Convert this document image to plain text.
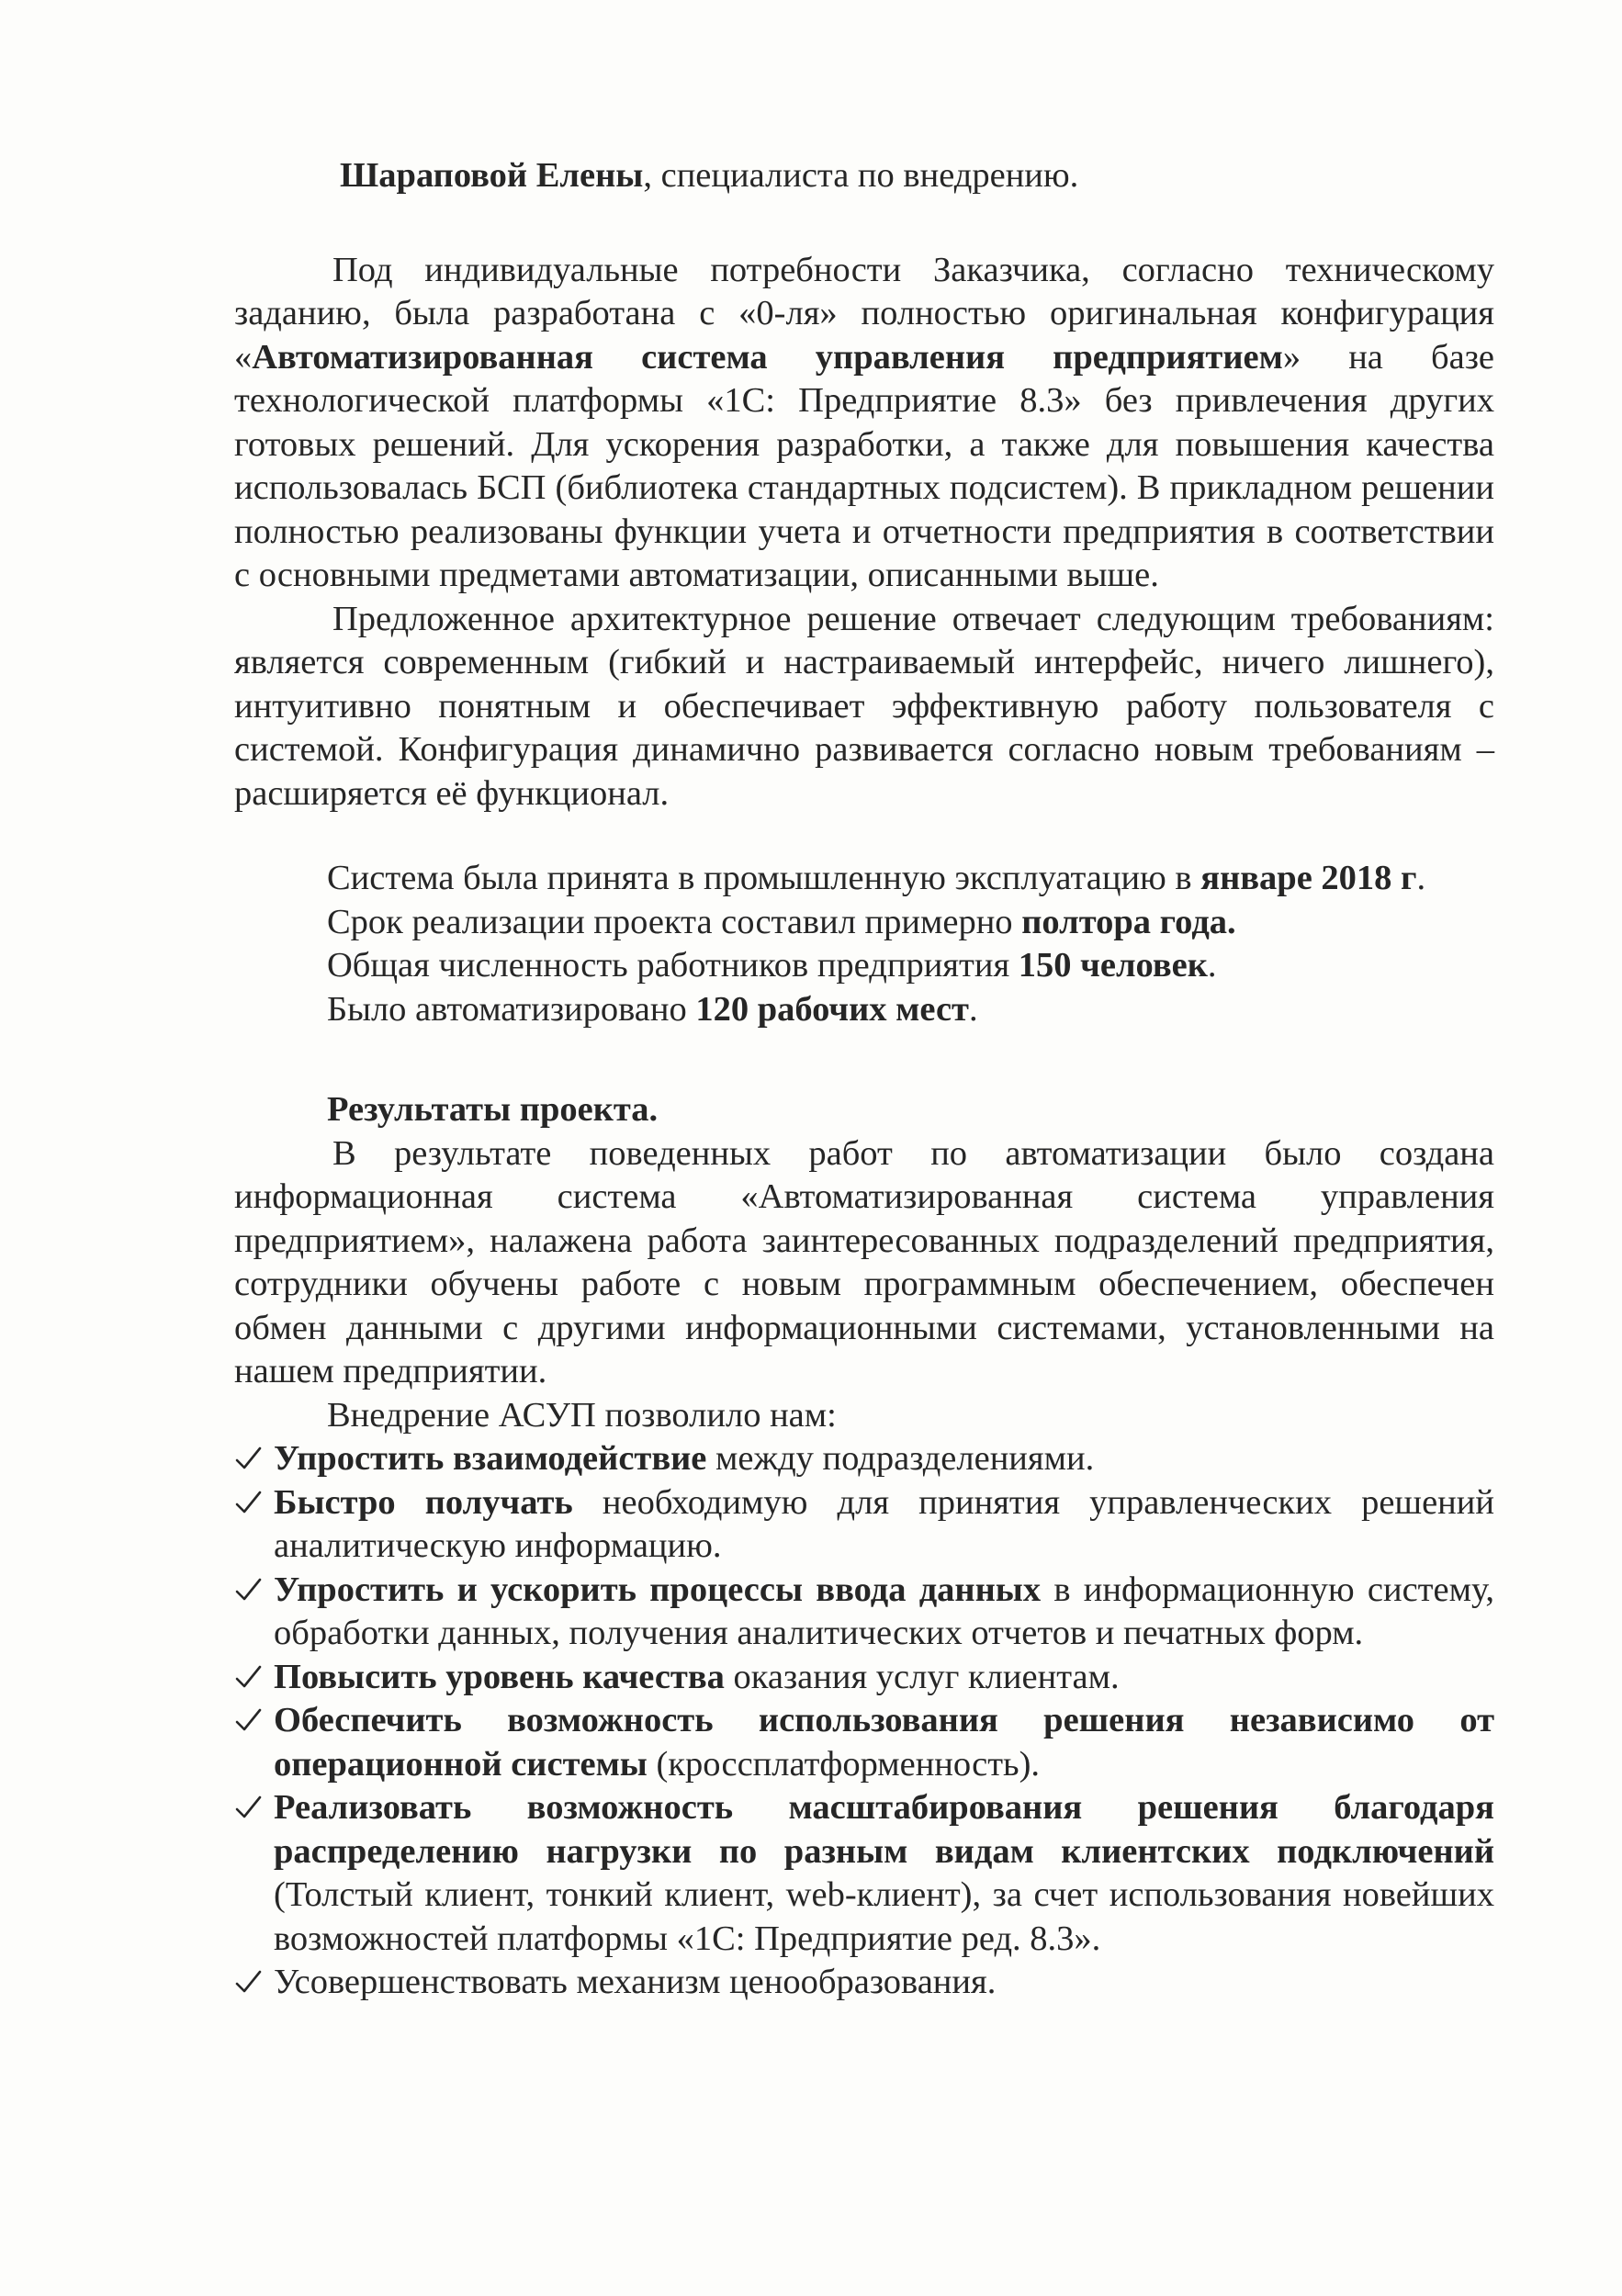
Шараповой Елены, специалиста по внедрению.

Под индивидуальные потребности Заказчика, согласно техническому заданию, была разработана с «0-ля» полностью оригинальная конфигурация «Автоматизированная система управления предприятием» на базе технологической платформы «1С: Предприятие 8.3» без привлечения других готовых решений. Для ускорения разработки, а также для повышения качества использовалась БСП (библиотека стандартных подсистем). В прикладном решении полностью реализованы функции учета и отчетности предприятия в соответствии с основными предметами автоматизации, описанными выше.

Предложенное архитектурное решение отвечает следующим требованиям: является современным (гибкий и настраиваемый интерфейс, ничего лишнего), интуитивно понятным и обеспечивает эффективную работу пользователя с системой. Конфигурация динамично развивается согласно новым требованиям – расширяется её функционал.

Система была принята в промышленную эксплуатацию в январе 2018 г.

Срок реализации проекта составил примерно полтора года.

Общая численность работников предприятия 150 человек.

Было автоматизировано 120 рабочих мест.

Результаты проекта.

В результате поведенных работ по автоматизации было создана информационная система «Автоматизированная система управления предприятием», налажена работа заинтересованных подразделений предприятия, сотрудники обучены работе с новым программным обеспечением, обеспечен обмен данными с другими информационными системами, установленными на нашем предприятии.

Внедрение АСУП позволило нам:

Упростить взаимодействие между подразделениями.
Быстро получать необходимую для принятия управленческих решений аналитическую информацию.
Упростить и ускорить процессы ввода данных в информационную систему, обработки данных, получения аналитических отчетов и печатных форм.
Повысить уровень качества оказания услуг клиентам.
Обеспечить возможность использования решения независимо от операционной системы (кроссплатформенность).
Реализовать возможность масштабирования решения благодаря распределению нагрузки по разным видам клиентских подключений (Толстый клиент, тонкий клиент, web-клиент), за счет использования новейших возможностей платформы «1С: Предприятие ред. 8.3».
Усовершенствовать механизм ценообразования.
